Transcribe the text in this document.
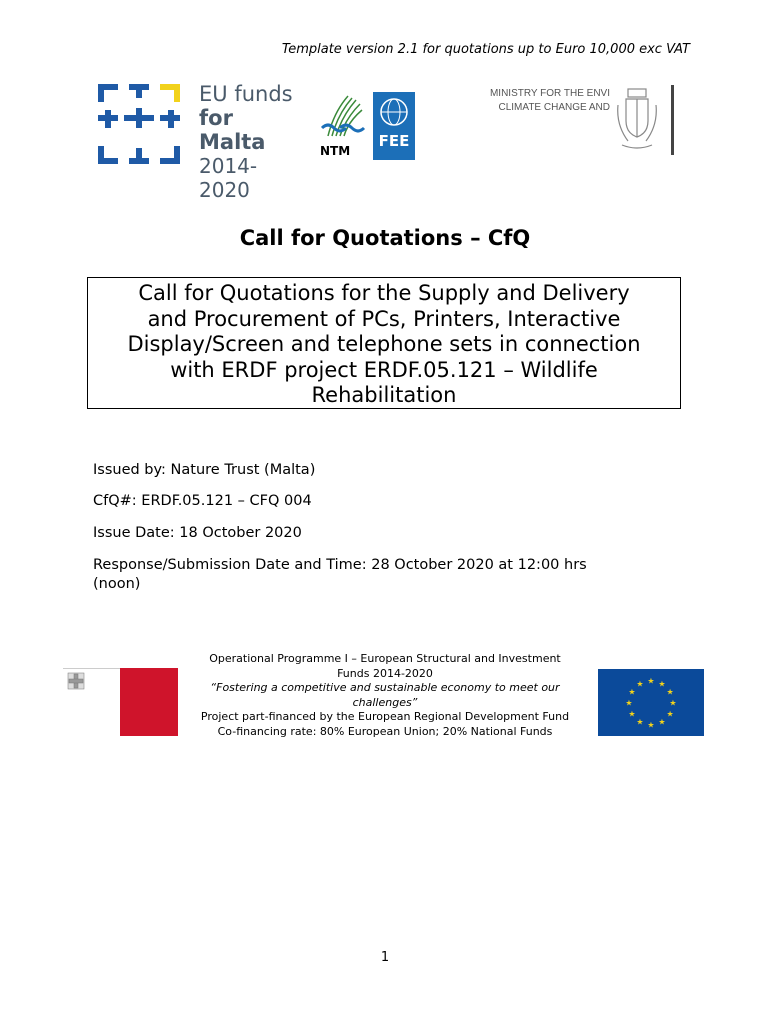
Template version 2.1 for quotations up to Euro 10,000 exc VAT
EU funds
for Malta
2014-2020
NTM
FEE
MINISTRY FOR THE ENVI
CLIMATE CHANGE AND
Call for Quotations – CfQ
Call for Quotations for the Supply and Delivery
and Procurement of PCs, Printers, Interactive
Display/Screen and telephone sets in connection
with ERDF project ERDF.05.121 – Wildlife
Rehabilitation
Issued by: Nature Trust (Malta)
CfQ#: ERDF.05.121 – CFQ 004
Issue Date: 18 October 2020
Response/Submission Date and Time: 28 October 2020 at 12:00 hrs
(noon)
Operational Programme I – European Structural and Investment
Funds 2014-2020
“Fostering a competitive and sustainable economy to meet our
challenges”
Project part-financed by the European Regional Development Fund
Co-financing rate: 80% European Union; 20% National Funds
★ ★
★
★
★
★
★
★
★
★
★
★
1
